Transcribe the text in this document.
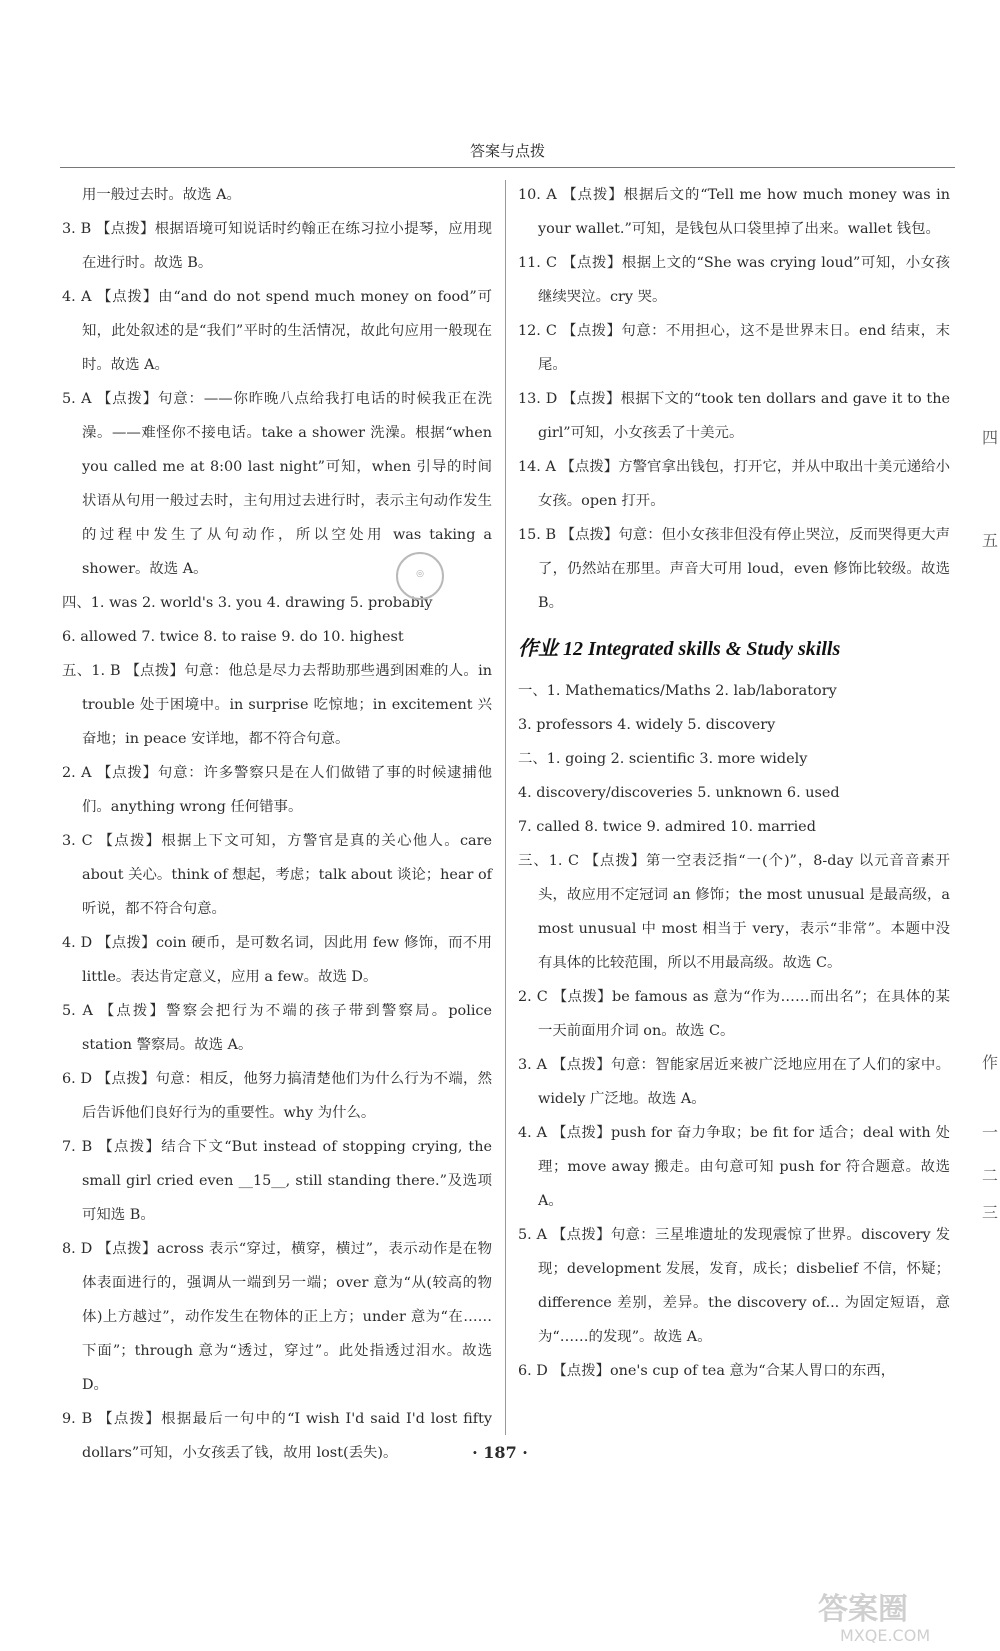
答案与点拨

用一般过去时。故选 A。

3. B 【点拨】根据语境可知说话时约翰正在练习拉小提琴，应用现在进行时。故选 B。

4. A 【点拨】由“and do not spend much money on food”可知，此处叙述的是“我们”平时的生活情况，故此句应用一般现在时。故选 A。

5. A 【点拨】句意：——你昨晚八点给我打电话的时候我正在洗澡。——难怪你不接电话。take a shower 洗澡。根据“when you called me at 8:00 last night”可知，when 引导的时间状语从句用一般过去时，主句用过去进行时，表示主句动作发生的过程中发生了从句动作，所以空处用 was taking a shower。故选 A。

四、1. was 2. world's 3. you 4. drawing 5. probably

6. allowed 7. twice 8. to raise 9. do 10. highest

五、1. B 【点拨】句意：他总是尽力去帮助那些遇到困难的人。in trouble 处于困境中。in surprise 吃惊地；in excitement 兴奋地；in peace 安详地，都不符合句意。

2. A 【点拨】句意：许多警察只是在人们做错了事的时候逮捕他们。anything wrong 任何错事。

3. C 【点拨】根据上下文可知，方警官是真的关心他人。care about 关心。think of 想起，考虑；talk about 谈论；hear of 听说，都不符合句意。

4. D 【点拨】coin 硬币，是可数名词，因此用 few 修饰，而不用 little。表达肯定意义，应用 a few。故选 D。

5. A 【点拨】警察会把行为不端的孩子带到警察局。police station 警察局。故选 A。

6. D 【点拨】句意：相反，他努力搞清楚他们为什么行为不端，然后告诉他们良好行为的重要性。why 为什么。

7. B 【点拨】结合下文“But instead of stopping crying, the small girl cried even __15__, still standing there.”及选项可知选 B。

8. D 【点拨】across 表示“穿过，横穿，横过”，表示动作是在物体表面进行的，强调从一端到另一端；over 意为“从(较高的物体)上方越过”，动作发生在物体的正上方；under 意为“在……下面”；through 意为“透过，穿过”。此处指透过泪水。故选 D。

9. B 【点拨】根据最后一句中的“I wish I'd said I'd lost fifty dollars”可知，小女孩丢了钱，故用 lost(丢失)。

10. A 【点拨】根据后文的“Tell me how much money was in your wallet.”可知，是钱包从口袋里掉了出来。wallet 钱包。

11. C 【点拨】根据上文的“She was crying loud”可知，小女孩继续哭泣。cry 哭。

12. C 【点拨】句意：不用担心，这不是世界末日。end 结束，末尾。

13. D 【点拨】根据下文的“took ten dollars and gave it to the girl”可知，小女孩丢了十美元。

14. A 【点拨】方警官拿出钱包，打开它，并从中取出十美元递给小女孩。open 打开。

15. B 【点拨】句意：但小女孩非但没有停止哭泣，反而哭得更大声了，仍然站在那里。声音大可用 loud，even 修饰比较级。故选 B。

作业 12 Integrated skills & Study skills

一、1. Mathematics/Maths 2. lab/laboratory

3. professors 4. widely 5. discovery

二、1. going 2. scientific 3. more widely

4. discovery/discoveries 5. unknown 6. used

7. called 8. twice 9. admired 10. married

三、1. C 【点拨】第一空表泛指“一(个)”，8-day 以元音音素开头，故应用不定冠词 an 修饰；the most unusual 是最高级，a most unusual 中 most 相当于 very，表示“非常”。本题中没有具体的比较范围，所以不用最高级。故选 C。

2. C 【点拨】be famous as 意为“作为……而出名”；在具体的某一天前面用介词 on。故选 C。

3. A 【点拨】句意：智能家居近来被广泛地应用在了人们的家中。widely 广泛地。故选 A。

4. A 【点拨】push for 奋力争取；be fit for 适合；deal with 处理；move away 搬走。由句意可知 push for 符合题意。故选 A。

5. A 【点拨】句意：三星堆遗址的发现震惊了世界。discovery 发现；development 发展，发育，成长；disbelief 不信，怀疑；difference 差别，差异。the discovery of... 为固定短语，意为“……的发现”。故选 A。

6. D 【点拨】one's cup of tea 意为“合某人胃口的东西，

四
五
作
一
二
三
◎
· 187 ·
答案圈
MXQE.COM
